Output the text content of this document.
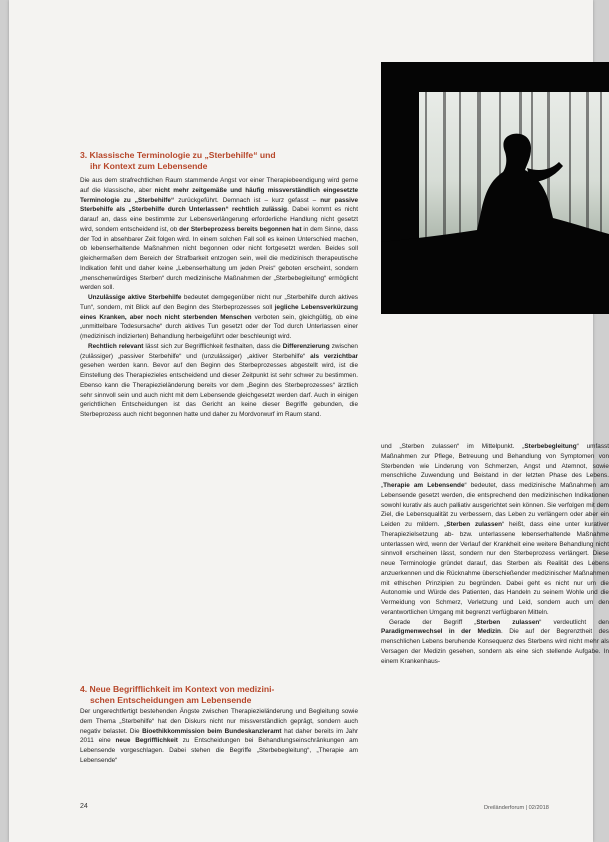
3. Klassische Terminologie zu „Sterbehilfe“ und
ihr Kontext zum Lebensende

Die aus dem strafrechtlichen Raum stammende Angst vor einer Therapiebeendigung wird gerne auf die klassische, aber nicht mehr zeitgemäße und häufig missverständlich eingesetzte Terminologie zu „Sterbehilfe“ zurückgeführt. Demnach ist – kurz gefasst – nur passive Sterbehilfe als „Sterbehilfe durch Unterlassen“ rechtlich zulässig. Dabei kommt es nicht darauf an, dass eine bestimmte zur Lebensverlängerung erforderliche Handlung nicht gesetzt wird, sondern entscheidend ist, ob der Sterbeprozess bereits begonnen hat in dem Sinne, dass der Tod in absehbarer Zeit folgen wird. In einem solchen Fall soll es keinen Unterschied machen, ob lebenserhaltende Maßnahmen nicht begonnen oder nicht fortgesetzt werden. Beides soll gleichermaßen dem Bereich der Strafbarkeit entzogen sein, weil die medizinisch therapeutische Indikation fehlt und daher keine „Lebenserhaltung um jeden Preis“ geboten erscheint, sondern „menschenwürdiges Sterben“ durch medizinische Maßnahmen der „Sterbebegleitung“ ermöglicht werden soll.

Unzulässige aktive Sterbehilfe bedeutet demgegenüber nicht nur „Sterbehilfe durch aktives Tun“, sondern, mit Blick auf den Beginn des Sterbeprozesses soll jegliche Lebensverkürzung eines Kranken, aber noch nicht sterbenden Menschen verboten sein, gleichgültig, ob eine „unmittelbare Todesursache“ durch aktives Tun gesetzt oder der Tod durch Unterlassen einer (medizinisch indizierten) Behandlung herbeigeführt oder beschleunigt wird.

Rechtlich relevant lässt sich zur Begrifflichkeit festhalten, dass die Differenzierung zwischen (zulässiger) „passiver Sterbehilfe“ und (unzulässiger) „aktiver Sterbehilfe“ als verzichtbar gesehen werden kann. Bevor auf den Beginn des Sterbeprozesses abgestellt wird, ist die Einstellung des Therapiezieles entscheidend und dieser Zeitpunkt ist sehr schwer zu bestimmen. Ebenso kann die Therapiezieländerung bereits vor dem „Beginn des Sterbeprozesses“ ärztlich sehr sinnvoll sein und auch nicht mit dem Lebensende gleichgesetzt werden darf. Auch in einigen gerichtlichen Entscheidungen ist das Gericht an keine dieser Begriffe gebunden, die Sterbeprozess auch nicht begonnen hatte und daher zu Mordvorwurf im Raum stand.

4. Neue Begrifflichkeit im Kontext von medizini-
schen Entscheidungen am Lebensende
Der ungerechtfertigt bestehenden Ängste zwischen Therapiezieländerung und Begleitung sowie dem Thema „Sterbehilfe“ hat den Diskurs nicht nur missverständlich geprägt, sondern auch negativ belastet. Die Bioethikkommission beim Bundeskanzleramt hat daher bereits im Jahr 2011 eine neue Begrifflichkeit zu Entscheidungen bei Behandlungseinschränkungen am Lebensende vorgeschlagen. Dabei stehen die Begriffe „Sterbebegleitung“, „Therapie am Lebensende“

und „Sterben zulassen“ im Mittelpunkt. „Sterbebegleitung“ umfasst Maßnahmen zur Pflege, Betreuung und Behandlung von Symptomen von Sterbenden wie Linderung von Schmerzen, Angst und Atemnot, sowie menschliche Zuwendung und Beistand in der letzten Phase des Lebens. „Therapie am Lebensende“ bedeutet, dass medizinische Maßnahmen am Lebensende gesetzt werden, die entsprechend den medizinischen Indikationen sowohl kurativ als auch palliativ ausgerichtet sein können. Sie verfolgen mit dem Ziel, die Lebensqualität zu verbessern, das Leben zu verlängern oder aber ein Leiden zu mildern. „Sterben zulassen“ heißt, dass eine unter kurativer Therapiezielsetzung ab- bzw. unterlassene lebenserhaltende Maßnahme unterlassen wird, wenn der Verlauf der Krankheit eine weitere Behandlung nicht sinnvoll erscheinen lässt, sondern nur den Sterbeprozess verlängert. Diese neue Terminologie gründet darauf, das Sterben als Realität des Lebens anzuerkennen und die Rücknahme überschießender medizinischer Maßnahmen mit ethischen Prinzipien zu begründen. Dabei geht es nicht nur um die Autonomie und Würde des Patienten, das Handeln zu seinem Wohle und die Vermeidung von Schmerz, Verletzung und Leid, sondern auch um den verantwortlichen Umgang mit begrenzt verfügbaren Mitteln.

Gerade der Begriff „Sterben zulassen“ verdeutlicht den Paradigmenwechsel in der Medizin. Die auf der Begrenztheit des menschlichen Lebens beruhende Konsequenz des Sterbens wird nicht mehr als Versagen der Medizin gesehen, sondern als eine sich stellende Aufgabe. In einem Krankenhaus-

24	Dreiländerforum | 02/2018
